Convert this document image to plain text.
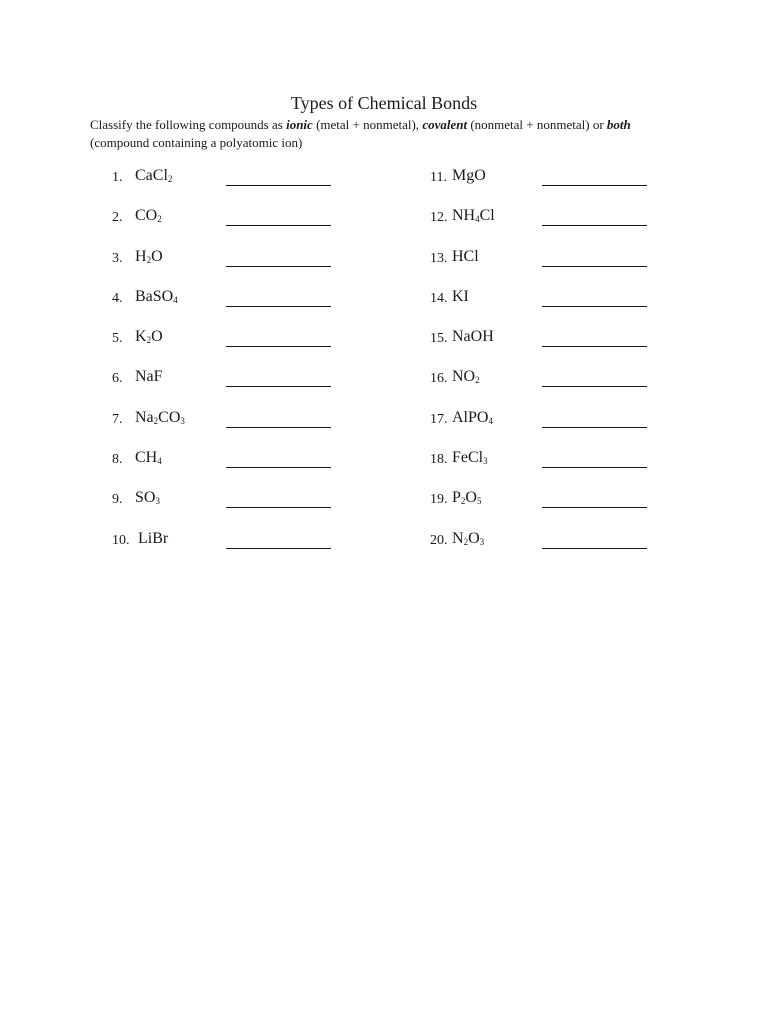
Types of Chemical Bonds
Classify the following compounds as ionic (metal + nonmetal), covalent (nonmetal + nonmetal) or both (compound containing a polyatomic ion)
1. CaCl$_2$
2. $CO_2$
3. $H_2O$
4. BaSO$_4$
5. $K_2O$
6. NaF
7. $Na_2CO_3$
8. $CH_4$
9. $SO_3$
10. LiBr
11. MgO
12. $NH_4Cl$
13. HCl
14. KI
15. NaOH
16. $NO_2$
17. AlPO$_4$
18. FeCl$_3$
19. $P_2O_5$
20. $N_2O_3$
